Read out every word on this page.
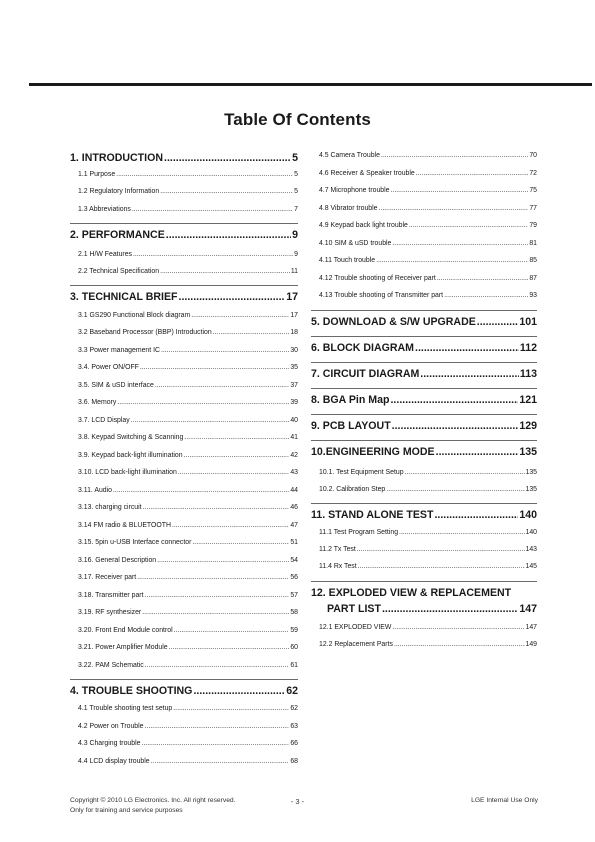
Table Of Contents
1. INTRODUCTION .....	5
1.1 Purpose .....	5
1.2 Regulatory Information .....	5
1.3 Abbreviations .....	7
2. PERFORMANCE .....	9
2.1 H/W Features .....	9
2.2 Technical Specification .....	11
3. TECHNICAL BRIEF .....	17
3.1 GS290 Functional Block diagram .....	17
3.2 Baseband Processor (BBP) Introduction .....	18
3.3 Power management IC .....	30
3.4. Power ON/OFF .....	35
3.5. SIM & uSD interface .....	37
3.6. Memory .....	39
3.7. LCD Display .....	40
3.8. Keypad Switching & Scanning .....	41
3.9. Keypad back-light illumination .....	42
3.10. LCD back-light illumination .....	43
3.11. Audio .....	44
3.13. charging circuit .....	46
3.14 FM radio & BLUETOOTH .....	47
3.15. 5pin u-USB Interface connector .....	51
3.16. General Description .....	54
3.17. Receiver part .....	56
3.18. Transmitter part .....	57
3.19. RF synthesizer .....	58
3.20. Front End Module control .....	59
3.21. Power Amplifier Module .....	60
3.22. PAM Schematic .....	61
4. TROUBLE SHOOTING .....	62
4.1 Trouble shooting test setup .....	62
4.2 Power on Trouble .....	63
4.3 Charging trouble .....	66
4.4 LCD display trouble .....	68
4.5 Camera Trouble .....	70
4.6 Receiver & Speaker trouble .....	72
4.7 Microphone trouble .....	75
4.8 Vibrator trouble .....	77
4.9 Keypad back light trouble .....	79
4.10 SIM & uSD trouble .....	81
4.11 Touch trouble .....	85
4.12 Trouble shooting of Receiver part .....	87
4.13 Trouble shooting of Transmitter part .....	93
5. DOWNLOAD & S/W UPGRADE .....	101
6. BLOCK DIAGRAM .....	112
7. CIRCUIT DIAGRAM .....	113
8. BGA Pin Map .....	121
9. PCB LAYOUT .....	129
10.ENGINEERING MODE .....	135
10.1. Test Equipment Setup .....	135
10.2. Calibration Step .....	135
11. STAND ALONE TEST .....	140
11.1 Test Program Setting .....	140
11.2 Tx Test .....	143
11.4 Rx Test .....	145
12. EXPLODED VIEW & REPLACEMENT
PART LIST .....	147
12.1 EXPLODED VIEW .....	147
12.2 Replacement Parts .....	149
Copyright © 2010 LG Electronics. Inc. All right reserved.
Only for training and service purposes
- 3 -	LGE Internal Use Only
